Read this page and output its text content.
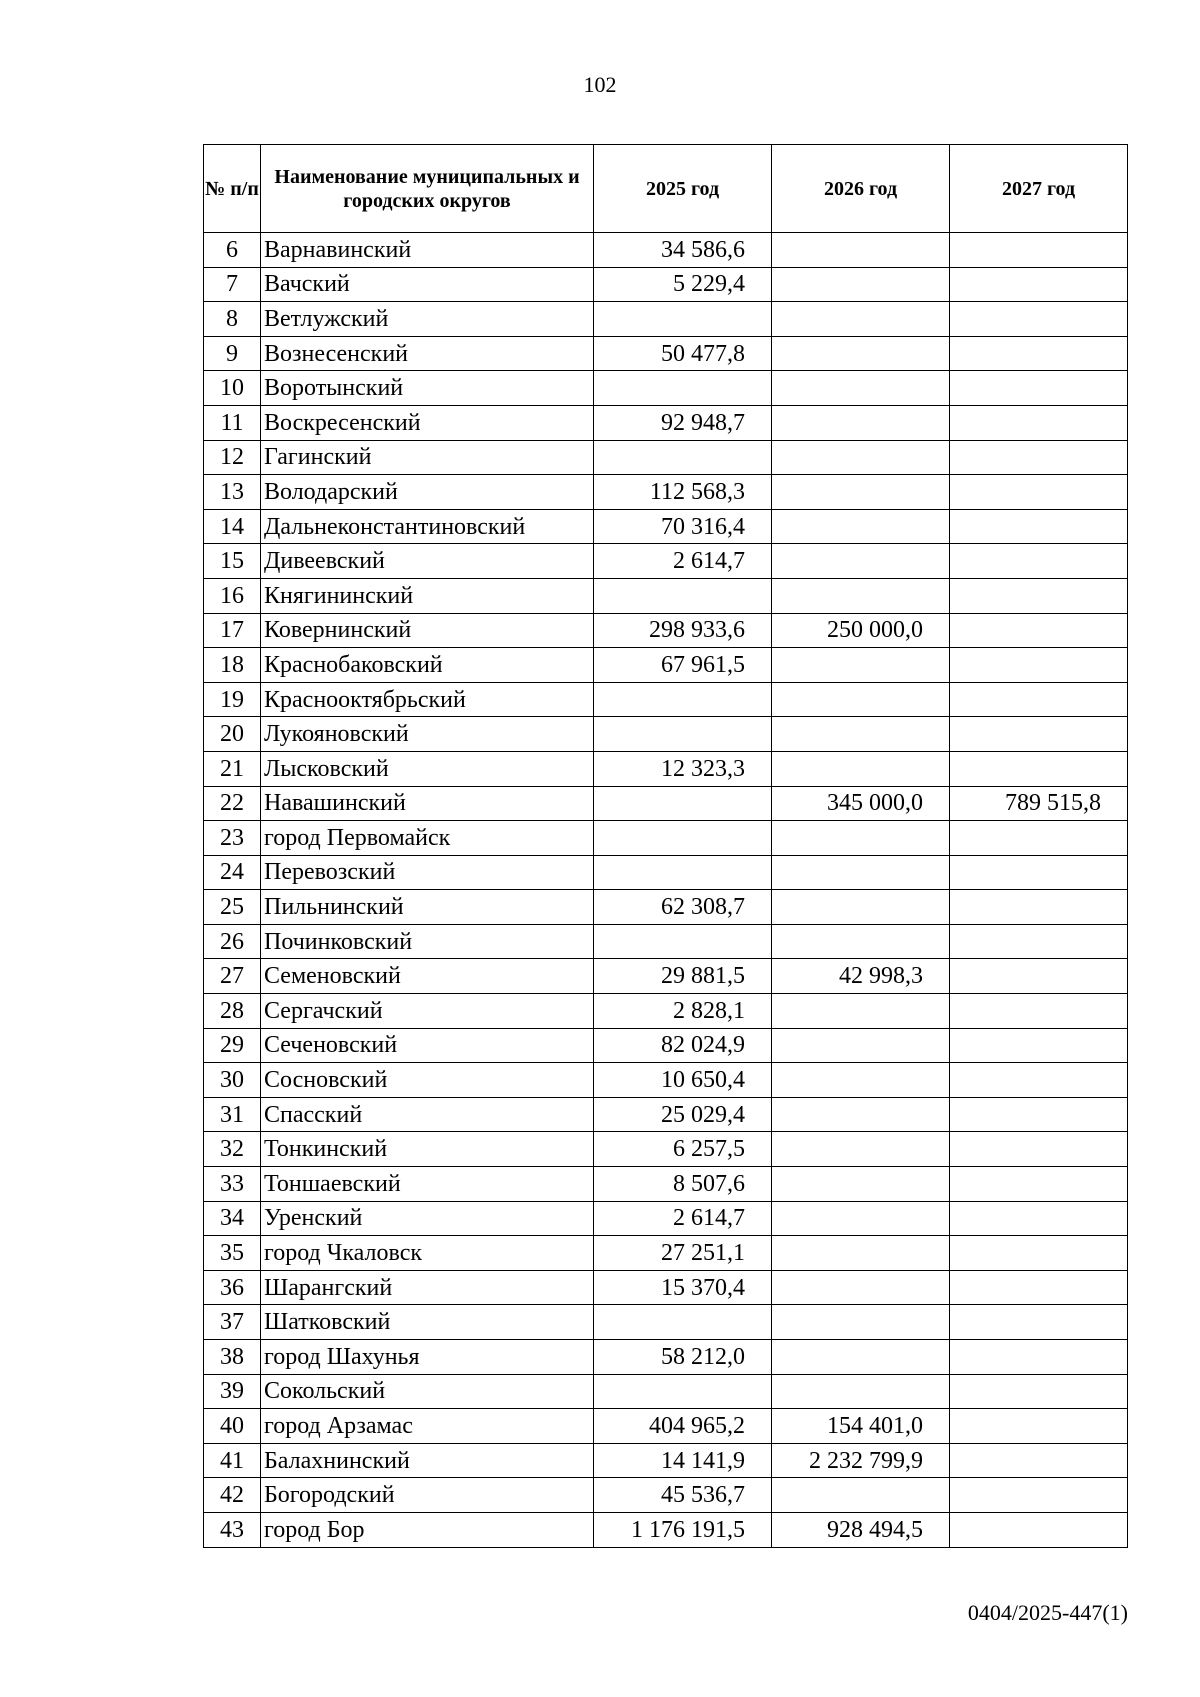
102
№ п/п	Наименование муниципальных и городских округов	2025 год	2026 год	2027 год
6	Варнавинский	34 586,6		
7	Вачский	5 229,4		
8	Ветлужский			
9	Вознесенский	50 477,8		
10	Воротынский			
11	Воскресенский	92 948,7		
12	Гагинский			
13	Володарский	112 568,3		
14	Дальнеконстантиновский	70 316,4		
15	Дивеевский	2 614,7		
16	Княгининский			
17	Ковернинский	298 933,6	250 000,0	
18	Краснобаковский	67 961,5		
19	Краснооктябрьский			
20	Лукояновский			
21	Лысковский	12 323,3		
22	Навашинский		345 000,0	789 515,8
23	город Первомайск			
24	Перевозский			
25	Пильнинский	62 308,7		
26	Починковский			
27	Семеновский	29 881,5	42 998,3	
28	Сергачский	2 828,1		
29	Сеченовский	82 024,9		
30	Сосновский	10 650,4		
31	Спасский	25 029,4		
32	Тонкинский	6 257,5		
33	Тоншаевский	8 507,6		
34	Уренский	2 614,7		
35	город Чкаловск	27 251,1		
36	Шарангский	15 370,4		
37	Шатковский			
38	город Шахунья	58 212,0		
39	Сокольский			
40	город Арзамас	404 965,2	154 401,0	
41	Балахнинский	14 141,9	2 232 799,9	
42	Богородский	45 536,7		
43	город Бор	1 176 191,5	928 494,5	
0404/2025-447(1)
